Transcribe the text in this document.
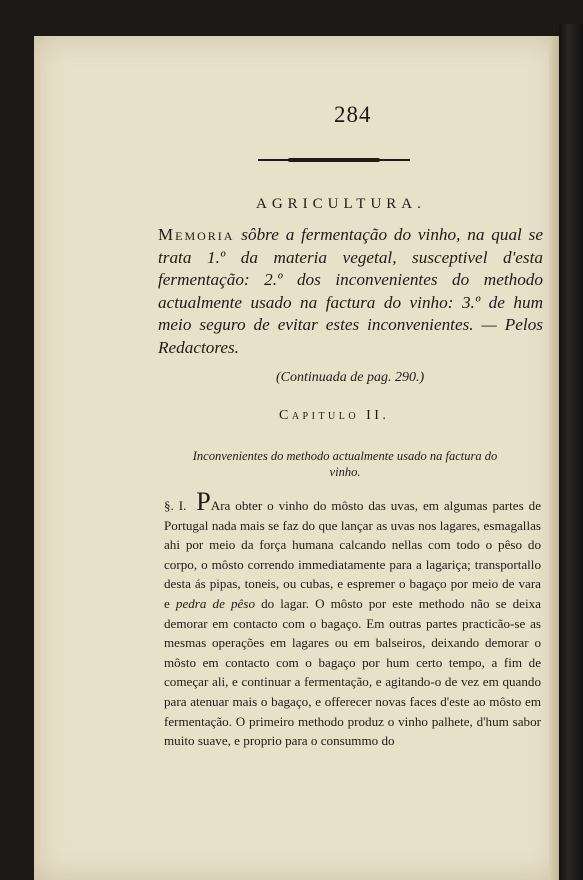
284
AGRICULTURA.
Memoria sôbre a fermentação do vinho, na qual se trata 1.º da materia vegetal, susceptivel d'esta fermentação: 2.º dos inconvenientes do methodo actualmente usado na factura do vinho: 3.º de hum meio seguro de evitar estes inconvenientes. — Pelos Redactores.
(Continuada de pag. 290.)
Capitulo II.
Inconvenientes do methodo actualmente usado na factura do vinho.
§. I. PAra obter o vinho do môsto das uvas, em algumas partes de Portugal nada mais se faz do que lançar as uvas nos lagares, esmagallas ahi por meio da força humana calcando nellas com todo o pêso do corpo, o môsto correndo immediatamente para a lagariça; transportallo desta ás pipas, toneis, ou cubas, e espremer o bagaço por meio de vara e pedra de pêso do lagar. O môsto por este methodo não se deixa demorar em contacto com o bagaço. Em outras partes practicão-se as mesmas operações em lagares ou em balseiros, deixando demorar o môsto em contacto com o bagaço por hum certo tempo, a fim de começar ali, e continuar a fermentação, e agitando-o de vez em quando para atenuar mais o bagaço, e offerecer novas faces d'este ao môsto em fermentação. O primeiro methodo produz o vinho palhete, d'hum sabor muito suave, e proprio para o consummo do
